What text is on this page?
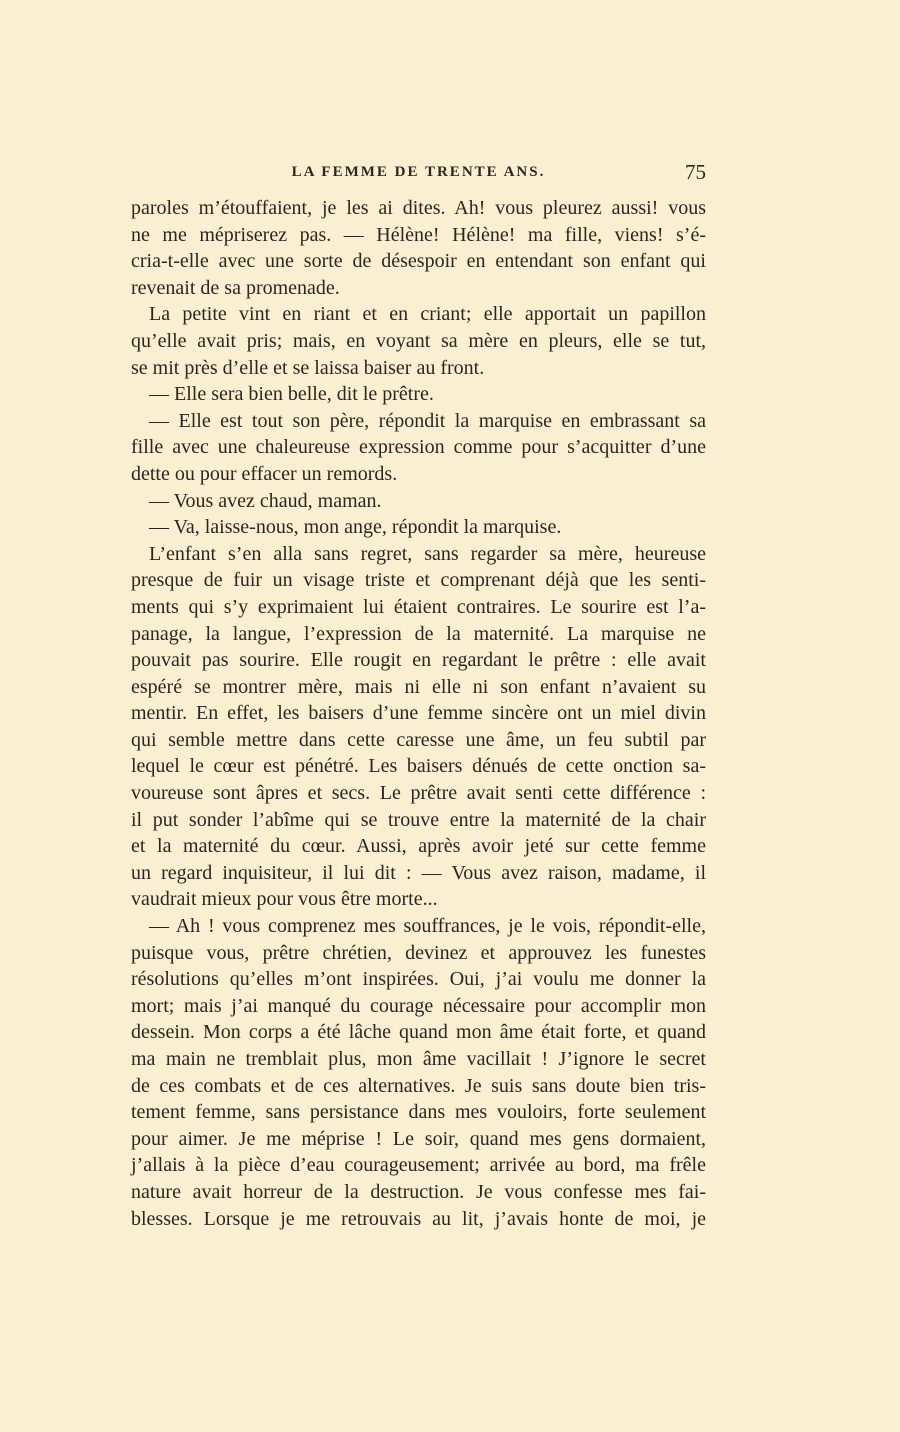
LA FEMME DE TRENTE ANS.	75
paroles m’étouffaient, je les ai dites. Ah! vous pleurez aussi! vous
ne me mépriserez pas. — Hélène! Hélène! ma fille, viens! s’é-
cria-t-elle avec une sorte de désespoir en entendant son enfant qui
revenait de sa promenade.
La petite vint en riant et en criant; elle apportait un papillon
qu’elle avait pris; mais, en voyant sa mère en pleurs, elle se tut,
se mit près d’elle et se laissa baiser au front.
— Elle sera bien belle, dit le prêtre.
— Elle est tout son père, répondit la marquise en embrassant sa
fille avec une chaleureuse expression comme pour s’acquitter d’une
dette ou pour effacer un remords.
— Vous avez chaud, maman.
— Va, laisse-nous, mon ange, répondit la marquise.
L’enfant s’en alla sans regret, sans regarder sa mère, heureuse
presque de fuir un visage triste et comprenant déjà que les senti-
ments qui s’y exprimaient lui étaient contraires. Le sourire est l’a-
panage, la langue, l’expression de la maternité. La marquise ne
pouvait pas sourire. Elle rougit en regardant le prêtre : elle avait
espéré se montrer mère, mais ni elle ni son enfant n’avaient su
mentir. En effet, les baisers d’une femme sincère ont un miel divin
qui semble mettre dans cette caresse une âme, un feu subtil par
lequel le cœur est pénétré. Les baisers dénués de cette onction sa-
voureuse sont âpres et secs. Le prêtre avait senti cette différence :
il put sonder l’abîme qui se trouve entre la maternité de la chair
et la maternité du cœur. Aussi, après avoir jeté sur cette femme
un regard inquisiteur, il lui dit : — Vous avez raison, madame, il
vaudrait mieux pour vous être morte...
— Ah ! vous comprenez mes souffrances, je le vois, répondit-elle,
puisque vous, prêtre chrétien, devinez et approuvez les funestes
résolutions qu’elles m’ont inspirées. Oui, j’ai voulu me donner la
mort; mais j’ai manqué du courage nécessaire pour accomplir mon
dessein. Mon corps a été lâche quand mon âme était forte, et quand
ma main ne tremblait plus, mon âme vacillait ! J’ignore le secret
de ces combats et de ces alternatives. Je suis sans doute bien tris-
tement femme, sans persistance dans mes vouloirs, forte seulement
pour aimer. Je me méprise ! Le soir, quand mes gens dormaient,
j’allais à la pièce d’eau courageusement; arrivée au bord, ma frêle
nature avait horreur de la destruction. Je vous confesse mes fai-
blesses. Lorsque je me retrouvais au lit, j’avais honte de moi, je
